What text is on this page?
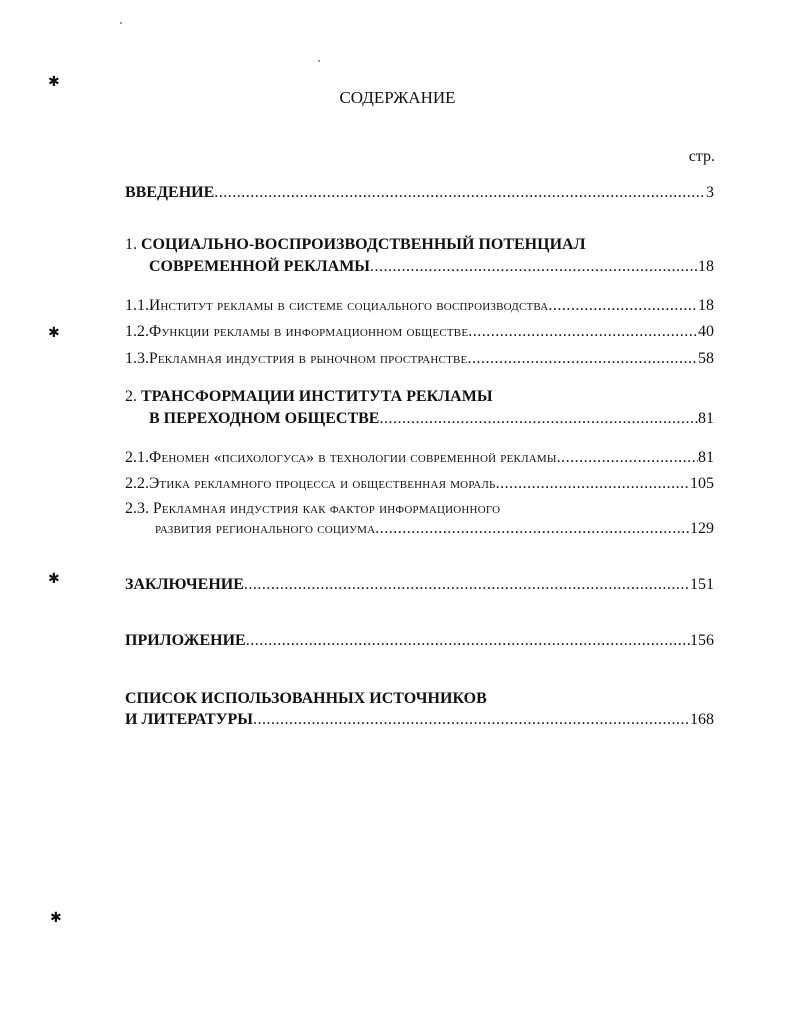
✱
✱
✱
✱
СОДЕРЖАНИЕ
стр.
ВВЕДЕНИЕ .....	3
1. СОЦИАЛЬНО-ВОСПРОИЗВОДСТВЕННЫЙ ПОТЕНЦИАЛ
СОВРЕМЕННОЙ РЕКЛАМЫ .....	18
1.1. Институт рекламы в системе социального воспроизводства .....	18
1.2. Функции рекламы в информационном обществе .....	40
1.3. Рекламная индустрия в рыночном пространстве .....	58
2. ТРАНСФОРМАЦИИ ИНСТИТУТА РЕКЛАМЫ
В ПЕРЕХОДНОМ ОБЩЕСТВЕ .....	81
2.1. Феномен «психологуса» в технологии современной рекламы .....	81
2.2. Этика рекламного процесса и общественная мораль .....	105
2.3. Рекламная индустрия как фактор информационного
развития регионального социума .....	129
ЗАКЛЮЧЕНИЕ .....	151
ПРИЛОЖЕНИЕ .....	156
СПИСОК ИСПОЛЬЗОВАННЫХ ИСТОЧНИКОВ
И ЛИТЕРАТУРЫ .....	168
